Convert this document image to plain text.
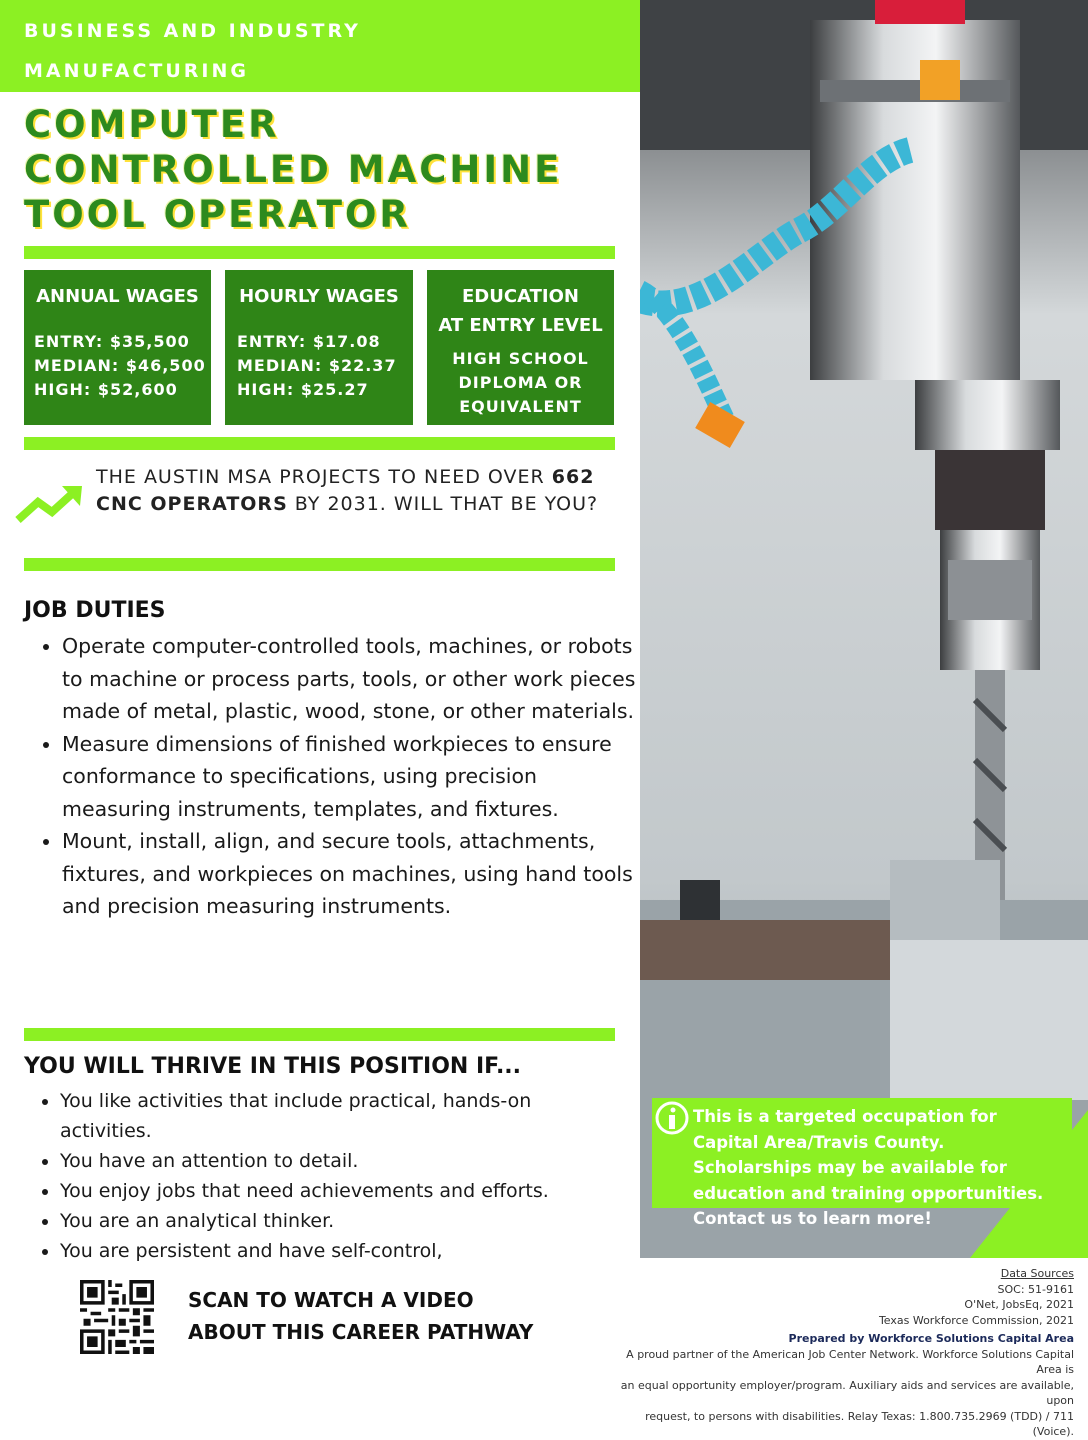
BUSINESS AND INDUSTRY
MANUFACTURING
COMPUTER
CONTROLLED MACHINE
TOOL OPERATOR
ANNUAL WAGES
ENTRY: $35,500
MEDIAN: $46,500
HIGH: $52,600
HOURLY WAGES
ENTRY: $17.08
MEDIAN: $22.37
HIGH: $25.27
EDUCATION
AT ENTRY LEVEL
HIGH SCHOOL
DIPLOMA OR
EQUIVALENT
THE AUSTIN MSA PROJECTS TO NEED OVER 662 CNC OPERATORS BY 2031. WILL THAT BE YOU?
JOB DUTIES
• Operate computer-controlled tools, machines, or robots to machine or process parts, tools, or other work pieces made of metal, plastic, wood, stone, or other materials.
• Measure dimensions of finished workpieces to ensure conformance to specifications, using precision measuring instruments, templates, and fixtures.
• Mount, install, align, and secure tools, attachments, fixtures, and workpieces on machines, using hand tools and precision measuring instruments.
YOU WILL THRIVE IN THIS POSITION IF...
• You like activities that include practical, hands-on activities.
• You have an attention to detail.
• You enjoy jobs that need achievements and efforts.
• You are an analytical thinker.
• You are persistent and have self-control,
This is a targeted occupation for Capital Area/Travis County. Scholarships may be available for education and training opportunities. Contact us to learn more!
SCAN TO WATCH A VIDEO
ABOUT THIS CAREER PATHWAY
Data Sources
SOC: 51-9161
O'Net, JobsEq, 2021
Texas Workforce Commission, 2021
Prepared by Workforce Solutions Capital Area
A proud partner of the American Job Center Network. Workforce Solutions Capital Area is
an equal opportunity employer/program. Auxiliary aids and services are available, upon
request, to persons with disabilities. Relay Texas: 1.800.735.2969 (TDD) / 711 (Voice).
